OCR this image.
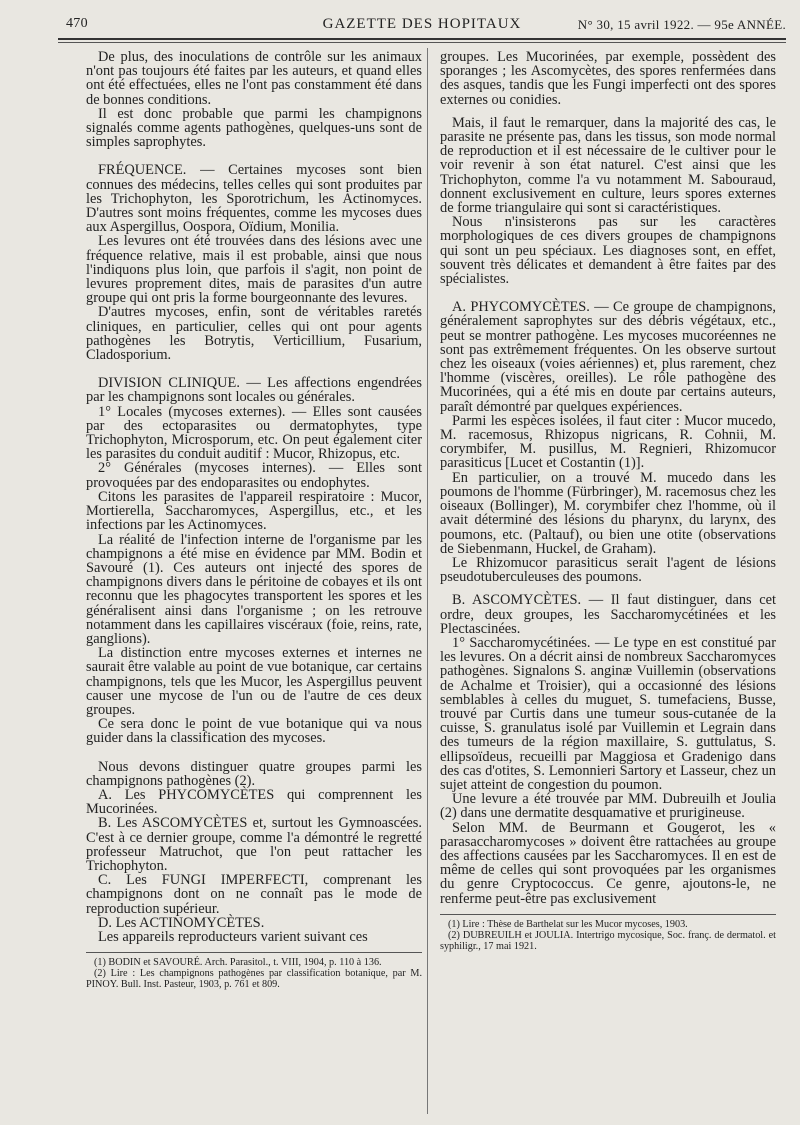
470	GAZETTE DES HOPITAUX	N° 30, 15 avril 1922. — 95e ANNÉE.

De plus, des inoculations de contrôle sur les animaux n'ont pas toujours été faites par les auteurs, et quand elles ont été effectuées, elles ne l'ont pas constamment été dans de bonnes conditions.

Il est donc probable que parmi les champignons signalés comme agents pathogènes, quelques-uns sont de simples saprophytes.

FRÉQUENCE. — Certaines mycoses sont bien connues des médecins, telles celles qui sont produites par les Trichophyton, les Sporotrichum, les Actinomyces. D'autres sont moins fréquentes, comme les mycoses dues aux Aspergillus, Oospora, Oïdium, Monilia.

Les levures ont été trouvées dans des lésions avec une fréquence relative, mais il est probable, ainsi que nous l'indiquons plus loin, que parfois il s'agit, non point de levures proprement dites, mais de parasites d'un autre groupe qui ont pris la forme bourgeonnante des levures.

D'autres mycoses, enfin, sont de véritables raretés cliniques, en particulier, celles qui ont pour agents pathogènes les Botrytis, Verticillium, Fusarium, Cladosporium.

DIVISION CLINIQUE. — Les affections engendrées par les champignons sont locales ou générales.

1° Locales (mycoses externes). — Elles sont causées par des ectoparasites ou dermatophytes, type Trichophyton, Microsporum, etc. On peut également citer les parasites du conduit auditif : Mucor, Rhizopus, etc.

2° Générales (mycoses internes). — Elles sont provoquées par des endoparasites ou endophytes.

Citons les parasites de l'appareil respiratoire : Mucor, Mortierella, Saccharomyces, Aspergillus, etc., et les infections par les Actinomyces.

La réalité de l'infection interne de l'organisme par les champignons a été mise en évidence par MM. Bodin et Savouré (1). Ces auteurs ont injecté des spores de champignons divers dans le péritoine de cobayes et ils ont reconnu que les phagocytes transportent les spores et les généralisent ainsi dans l'organisme ; on les retrouve notamment dans les capillaires viscéraux (foie, reins, rate, ganglions).

La distinction entre mycoses externes et internes ne saurait être valable au point de vue botanique, car certains champignons, tels que les Mucor, les Aspergillus peuvent causer une mycose de l'un ou de l'autre de ces deux groupes.

Ce sera donc le point de vue botanique qui va nous guider dans la classification des mycoses.

Nous devons distinguer quatre groupes parmi les champignons pathogènes (2).

A. Les PHYCOMYCÈTES qui comprennent les Mucorinées.

B. Les ASCOMYCÈTES et, surtout les Gymnoascées. C'est à ce dernier groupe, comme l'a démontré le regretté professeur Matruchot, que l'on peut rattacher les Trichophyton.

C. Les FUNGI IMPERFECTI, comprenant les champignons dont on ne connaît pas le mode de reproduction supérieur.

D. Les ACTINOMYCÈTES.

Les appareils reproducteurs varient suivant ces

(1) BODIN et SAVOURÉ. Arch. Parasitol., t. VIII, 1904, p. 110 à 136.

(2) Lire : Les champignons pathogènes par classification botanique, par M. PINOY. Bull. Inst. Pasteur, 1903, p. 761 et 809.

groupes. Les Mucorinées, par exemple, possèdent des sporanges ; les Ascomycètes, des spores renfermées dans des asques, tandis que les Fungi imperfecti ont des spores externes ou conidies.

Mais, il faut le remarquer, dans la majorité des cas, le parasite ne présente pas, dans les tissus, son mode normal de reproduction et il est nécessaire de le cultiver pour le voir revenir à son état naturel. C'est ainsi que les Trichophyton, comme l'a vu notamment M. Sabouraud, donnent exclusivement en culture, leurs spores externes de forme triangulaire qui sont si caractéristiques.

Nous n'insisterons pas sur les caractères morphologiques de ces divers groupes de champignons qui sont un peu spéciaux. Les diagnoses sont, en effet, souvent très délicates et demandent à être faites par des spécialistes.

A. PHYCOMYCÈTES. — Ce groupe de champignons, généralement saprophytes sur des débris végétaux, etc., peut se montrer pathogène. Les mycoses mucoréennes ne sont pas extrêmement fréquentes. On les observe surtout chez les oiseaux (voies aériennes) et, plus rarement, chez l'homme (viscères, oreilles). Le rôle pathogène des Mucorinées, qui a été mis en doute par certains auteurs, paraît démontré par quelques expériences.

Parmi les espèces isolées, il faut citer : Mucor mucedo, M. racemosus, Rhizopus nigricans, R. Cohnii, M. corymbifer, M. pusillus, M. Regnieri, Rhizomucor parasiticus [Lucet et Costantin (1)].

En particulier, on a trouvé M. mucedo dans les poumons de l'homme (Fürbringer), M. racemosus chez les oiseaux (Bollinger), M. corymbifer chez l'homme, où il avait déterminé des lésions du pharynx, du larynx, des poumons, etc. (Paltauf), ou bien une otite (observations de Siebenmann, Huckel, de Graham).

Le Rhizomucor parasiticus serait l'agent de lésions pseudotuberculeuses des poumons.

B. ASCOMYCÈTES. — Il faut distinguer, dans cet ordre, deux groupes, les Saccharomycétinées et les Plectascinées.

1° Saccharomycétinées. — Le type en est constitué par les levures. On a décrit ainsi de nombreux Saccharomyces pathogènes. Signalons S. anginæ Vuillemin (observations de Achalme et Troisier), qui a occasionné des lésions semblables à celles du muguet, S. tumefaciens, Busse, trouvé par Curtis dans une tumeur sous-cutanée de la cuisse, S. granulatus isolé par Vuillemin et Legrain dans des tumeurs de la région maxillaire, S. guttulatus, S. ellipsoïdeus, recueilli par Maggiosa et Gradenigo dans des cas d'otites, S. Lemonnieri Sartory et Lasseur, chez un sujet atteint de congestion du poumon.

Une levure a été trouvée par MM. Dubreuilh et Joulia (2) dans une dermatite desquamative et prurigineuse.

Selon MM. de Beurmann et Gougerot, les « parasaccharomycoses » doivent être rattachées au groupe des affections causées par les Saccharomyces. Il en est de même de celles qui sont provoquées par les organismes du genre Cryptococcus. Ce genre, ajoutons-le, ne renferme peut-être pas exclusivement

(1) Lire : Thèse de Barthelat sur les Mucor mycoses, 1903.

(2) DUBREUILH et JOULIA. Intertrigo mycosique, Soc. franç. de dermatol. et syphiligr., 17 mai 1921.
